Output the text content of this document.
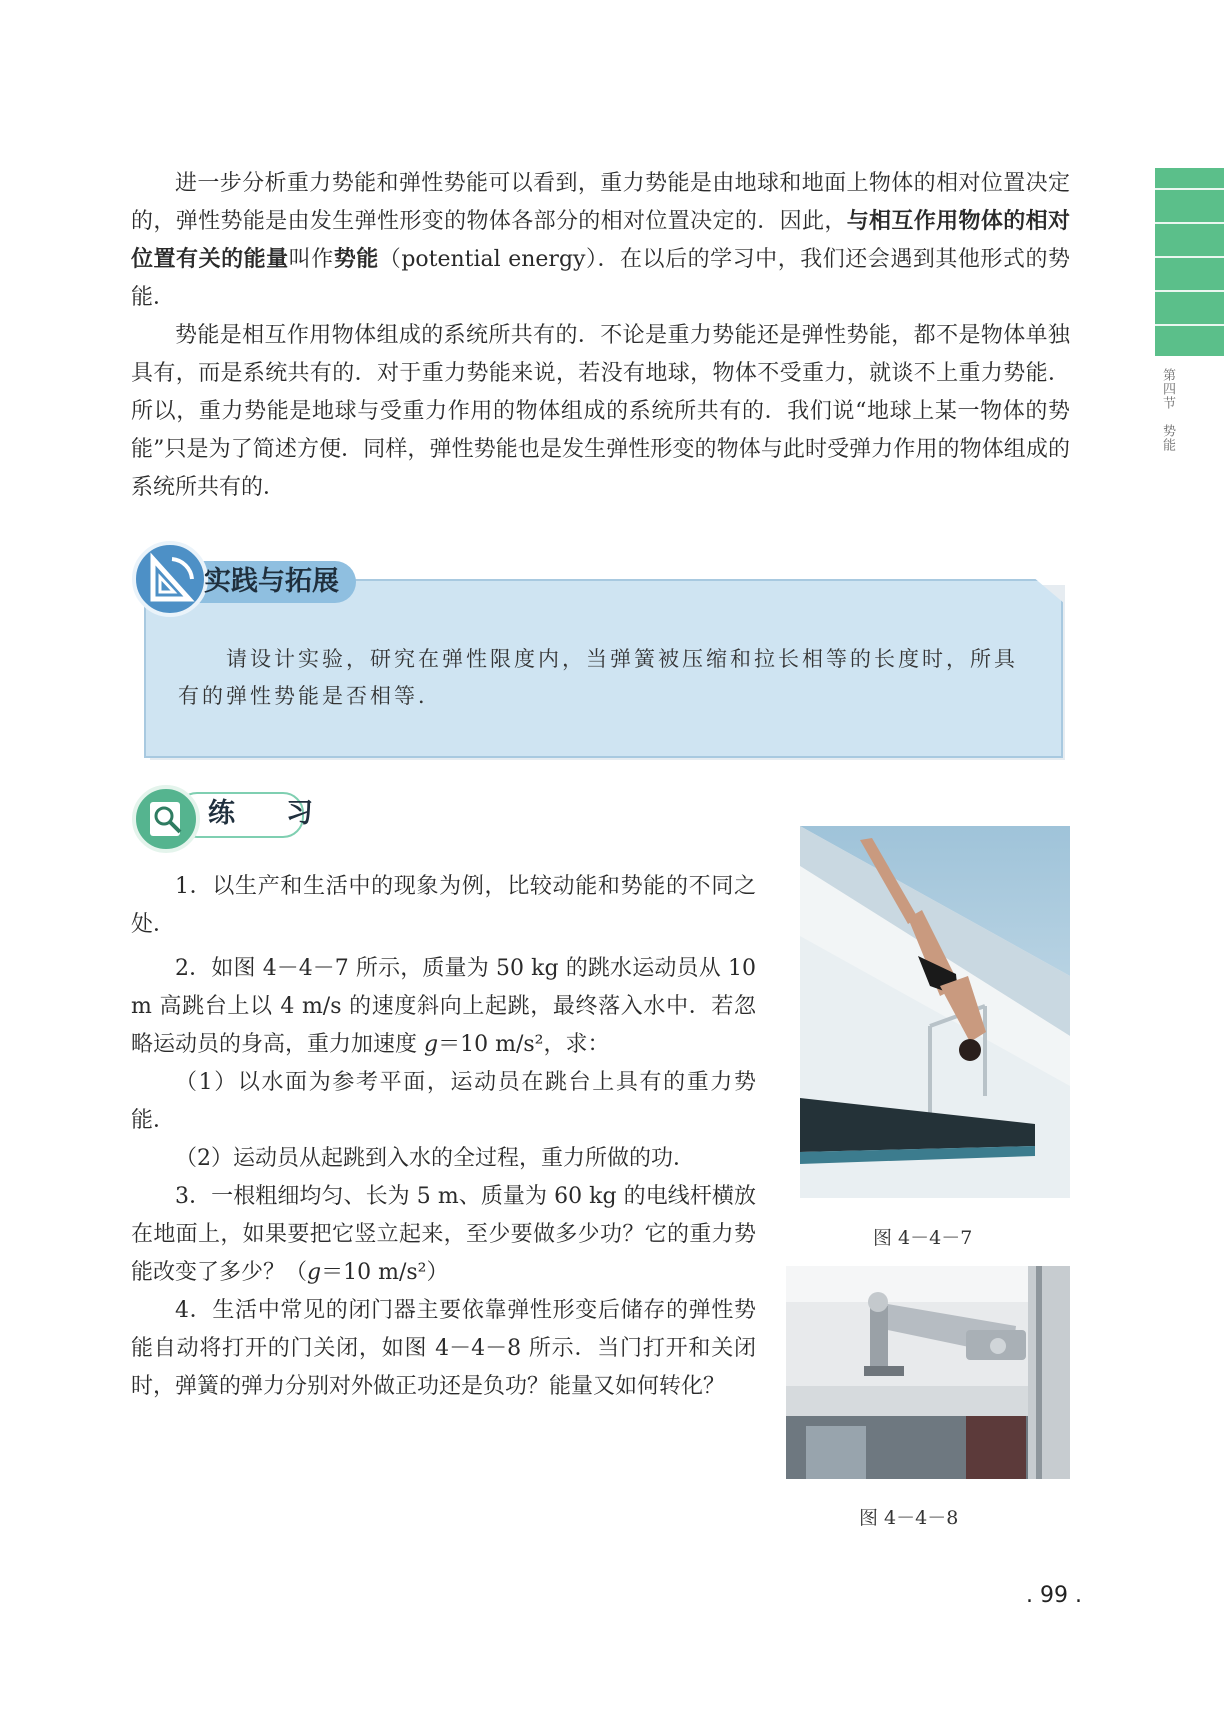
第四节　势能

进一步分析重力势能和弹性势能可以看到，重力势能是由地球和地面上物体的相对位置决定的，弹性势能是由发生弹性形变的物体各部分的相对位置决定的．因此，与相互作用物体的相对位置有关的能量叫作势能（potential energy）．在以后的学习中，我们还会遇到其他形式的势能．

势能是相互作用物体组成的系统所共有的．不论是重力势能还是弹性势能，都不是物体单独具有，而是系统共有的．对于重力势能来说，若没有地球，物体不受重力，就谈不上重力势能．所以，重力势能是地球与受重力作用的物体组成的系统所共有的．我们说“地球上某一物体的势能”只是为了简述方便．同样，弹性势能也是发生弹性形变的物体与此时受弹力作用的物体组成的系统所共有的．

请设计实验，研究在弹性限度内，当弹簧被压缩和拉长相等的长度时，所具有的弹性势能是否相等．

实践与拓展
练　习

1．以生产和生活中的现象为例，比较动能和势能的不同之处．

2．如图 4－4－7 所示，质量为 50 kg 的跳水运动员从 10 m 高跳台上以 4 m/s 的速度斜向上起跳，最终落入水中．若忽略运动员的身高，重力加速度 g＝10 m/s²，求：

（1）以水面为参考平面，运动员在跳台上具有的重力势能．

（2）运动员从起跳到入水的全过程，重力所做的功．

3．一根粗细均匀、长为 5 m、质量为 60 kg 的电线杆横放在地面上，如果要把它竖立起来，至少要做多少功？它的重力势能改变了多少？（g＝10 m/s²）

4．生活中常见的闭门器主要依靠弹性形变后储存的弹性势能自动将打开的门关闭，如图 4－4－8 所示．当门打开和关闭时，弹簧的弹力分别对外做正功还是负功？能量又如何转化？

图 4－4－7
图 4－4－8
. 99 .
